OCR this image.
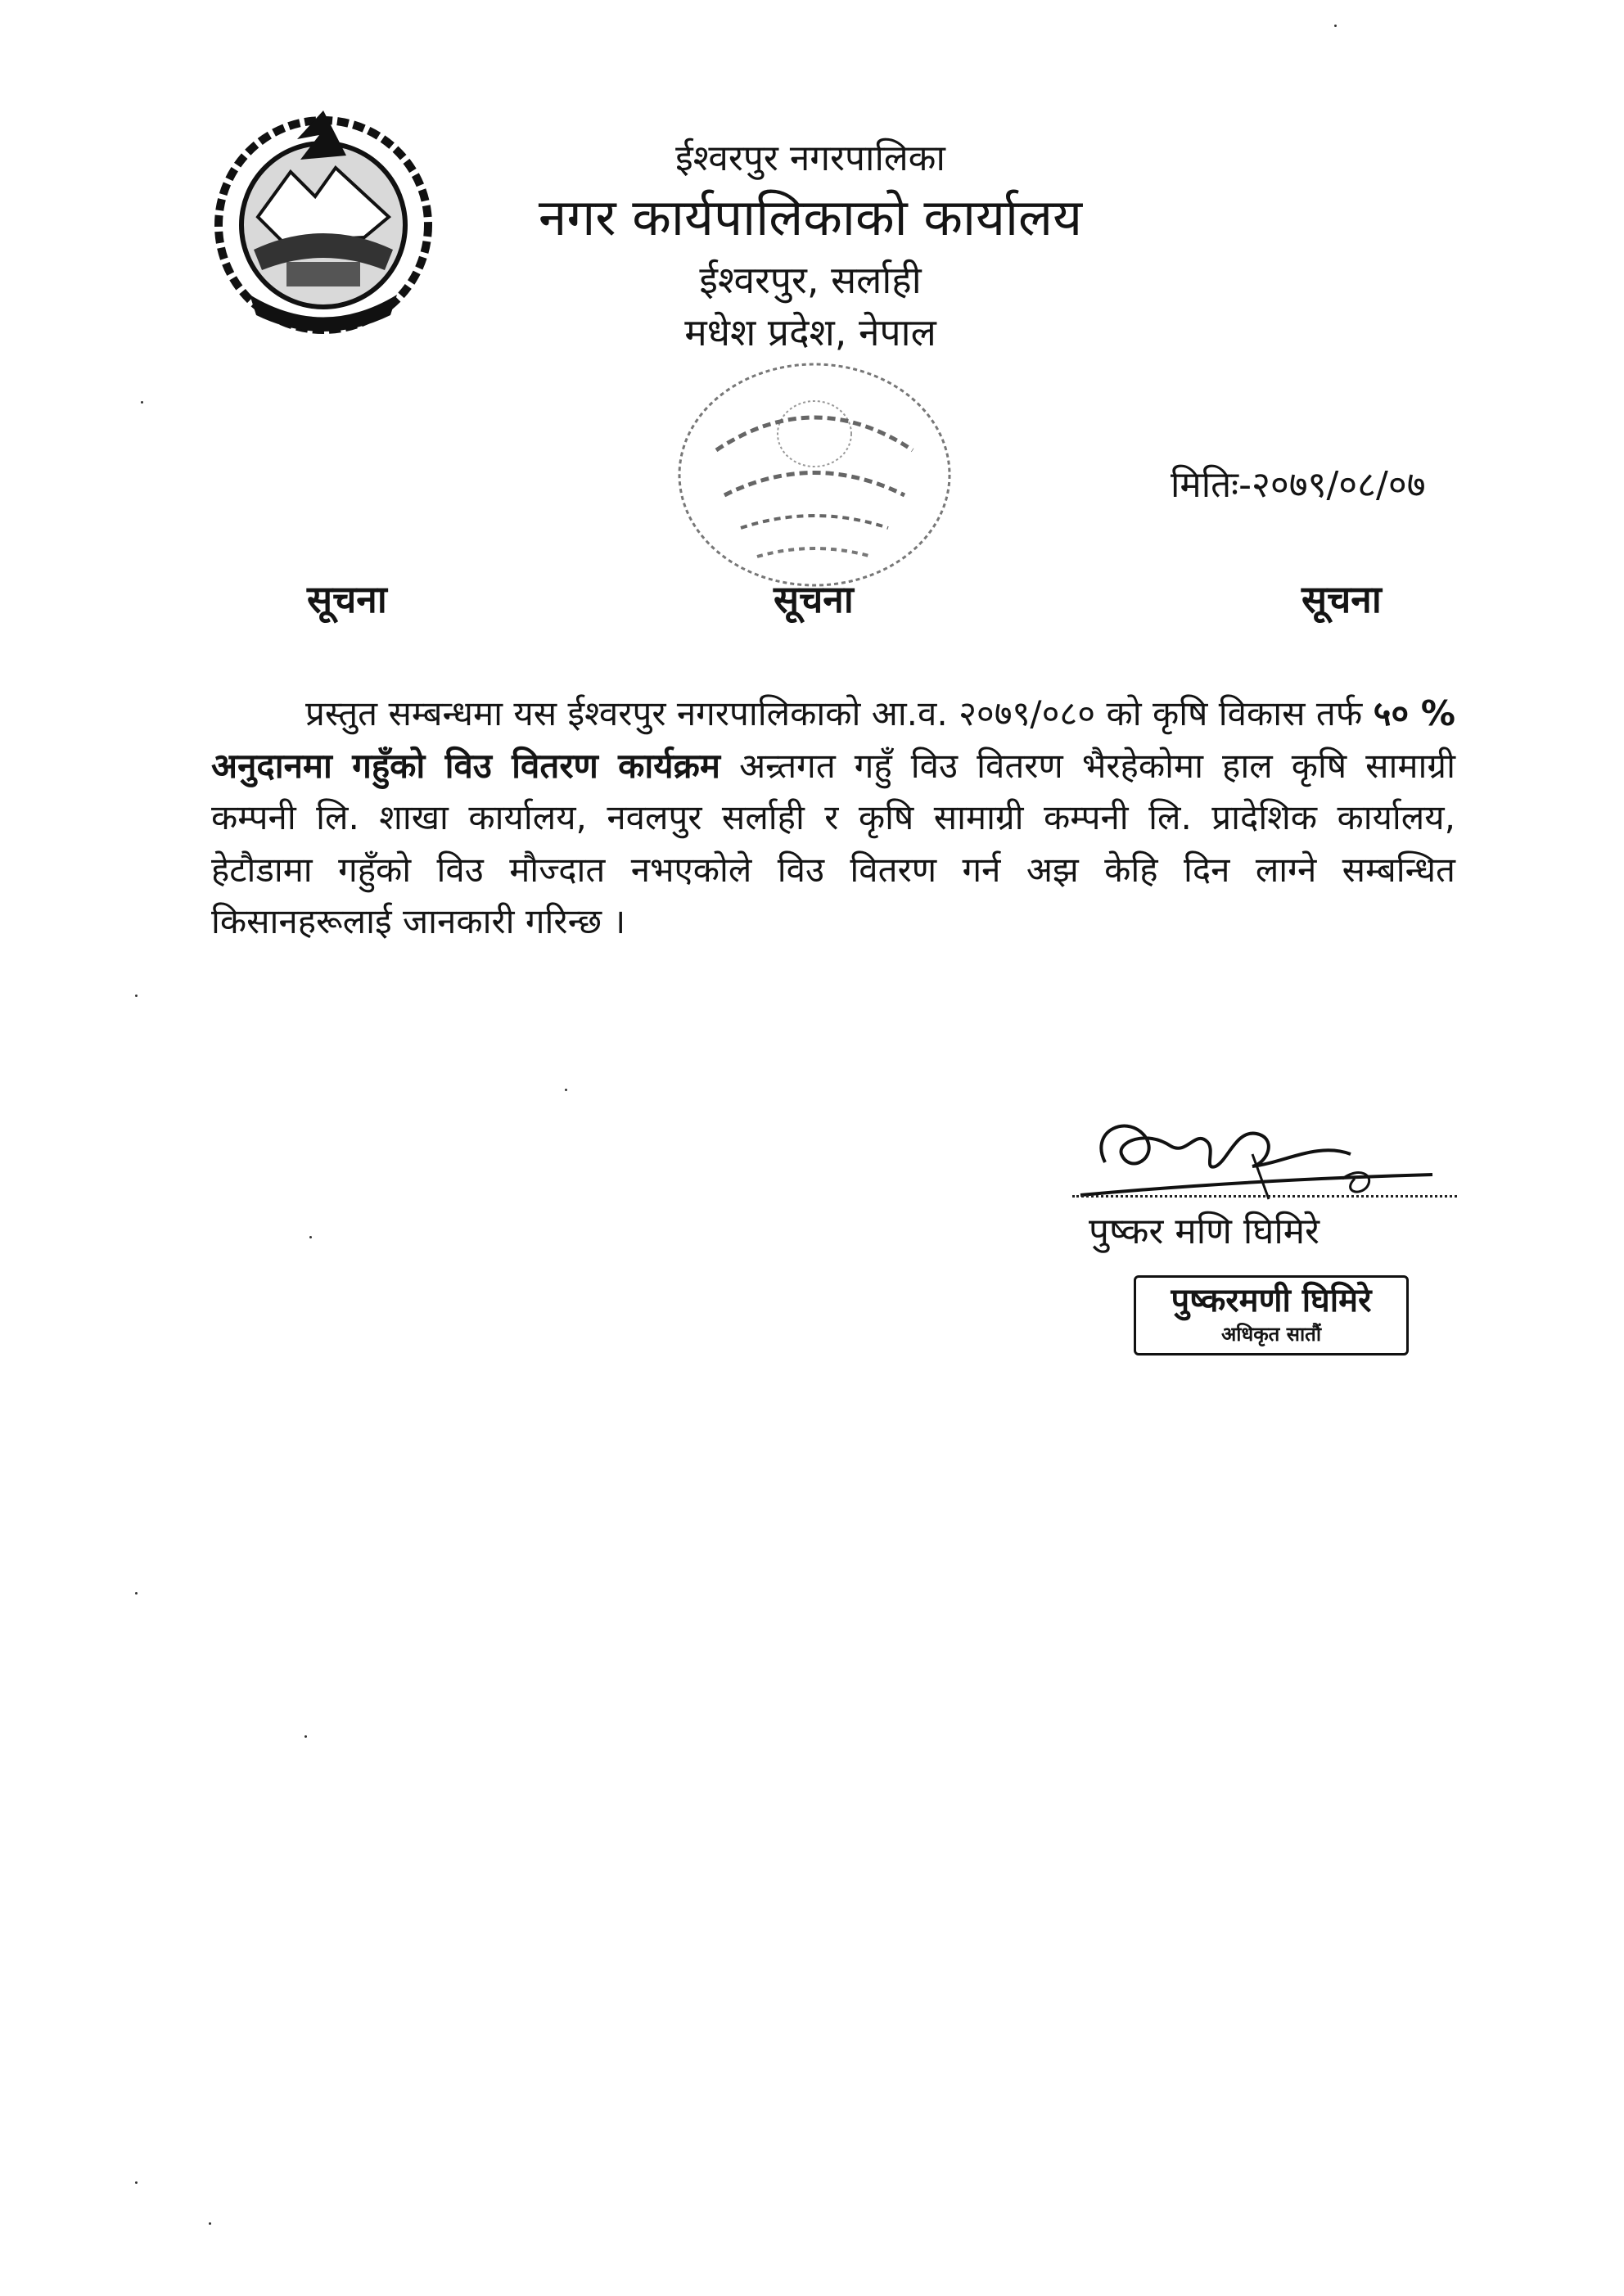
ईश्वरपुर नगरपालिका
नगर कार्यपालिकाको कार्यालय
ईश्वरपुर, सर्लाही
मधेश प्रदेश, नेपाल
मितिः-२०७९/०८/०७
सूचना	सूचना	सूचना
प्रस्तुत सम्बन्धमा यस ईश्वरपुर नगरपालिकाको आ.व. २०७९/०८० को कृषि विकास तर्फ ५० % अनुदानमा गहुँको विउ वितरण कार्यक्रम अन्र्तगत गहुँ विउ वितरण भैरहेकोमा हाल कृषि सामाग्री कम्पनी लि. शाखा कार्यालय, नवलपुर सर्लाही र कृषि सामाग्री कम्पनी लि. प्रादेशिक कार्यालय, हेटौडामा गहुँको विउ मौज्दात नभएकोले विउ वितरण गर्न अझ केहि दिन लाग्ने सम्बन्धित किसानहरूलाई जानकारी गरिन्छ ।
पुष्कर मणि घिमिरे
पुष्करमणी घिमिरे
अधिकृत सातौं
